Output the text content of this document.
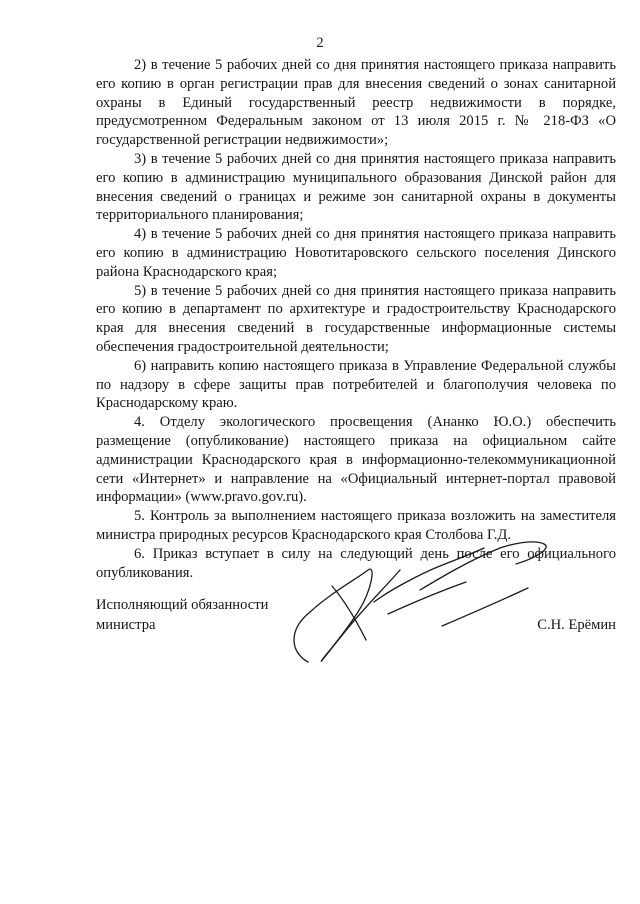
2

2) в течение 5 рабочих дней со дня принятия настоящего приказа направить его копию в орган регистрации прав для внесения сведений о зонах санитарной охраны в Единый государственный реестр недвижимости в порядке, предусмотренном Федеральным законом от 13 июля 2015 г. № 218-ФЗ «О государственной регистрации недвижимости»;

3) в течение 5 рабочих дней со дня принятия настоящего приказа направить его копию в администрацию муниципального образования Динской район для внесения сведений о границах и режиме зон санитарной охраны в документы территориального планирования;

4) в течение 5 рабочих дней со дня принятия настоящего приказа направить его копию в администрацию Новотитаровского сельского поселения Динского района Краснодарского края;

5) в течение 5 рабочих дней со дня принятия настоящего приказа направить его копию в департамент по архитектуре и градостроительству Краснодарского края для внесения сведений в государственные информационные системы обеспечения градостроительной деятельности;

6) направить копию настоящего приказа в Управление Федеральной службы по надзору в сфере защиты прав потребителей и благополучия человека по Краснодарскому краю.

4. Отделу экологического просвещения (Ананко Ю.О.) обеспечить размещение (опубликование) настоящего приказа на официальном сайте администрации Краснодарского края в информационно-телекоммуникационной сети «Интернет» и направление на «Официальный интернет-портал правовой информации» (www.pravo.gov.ru).

5. Контроль за выполнением настоящего приказа возложить на заместителя министра природных ресурсов Краснодарского края Столбова Г.Д.

6. Приказ вступает в силу на следующий день после его официального опубликования.

Исполняющий обязанности
министра	С.Н. Ерёмин
